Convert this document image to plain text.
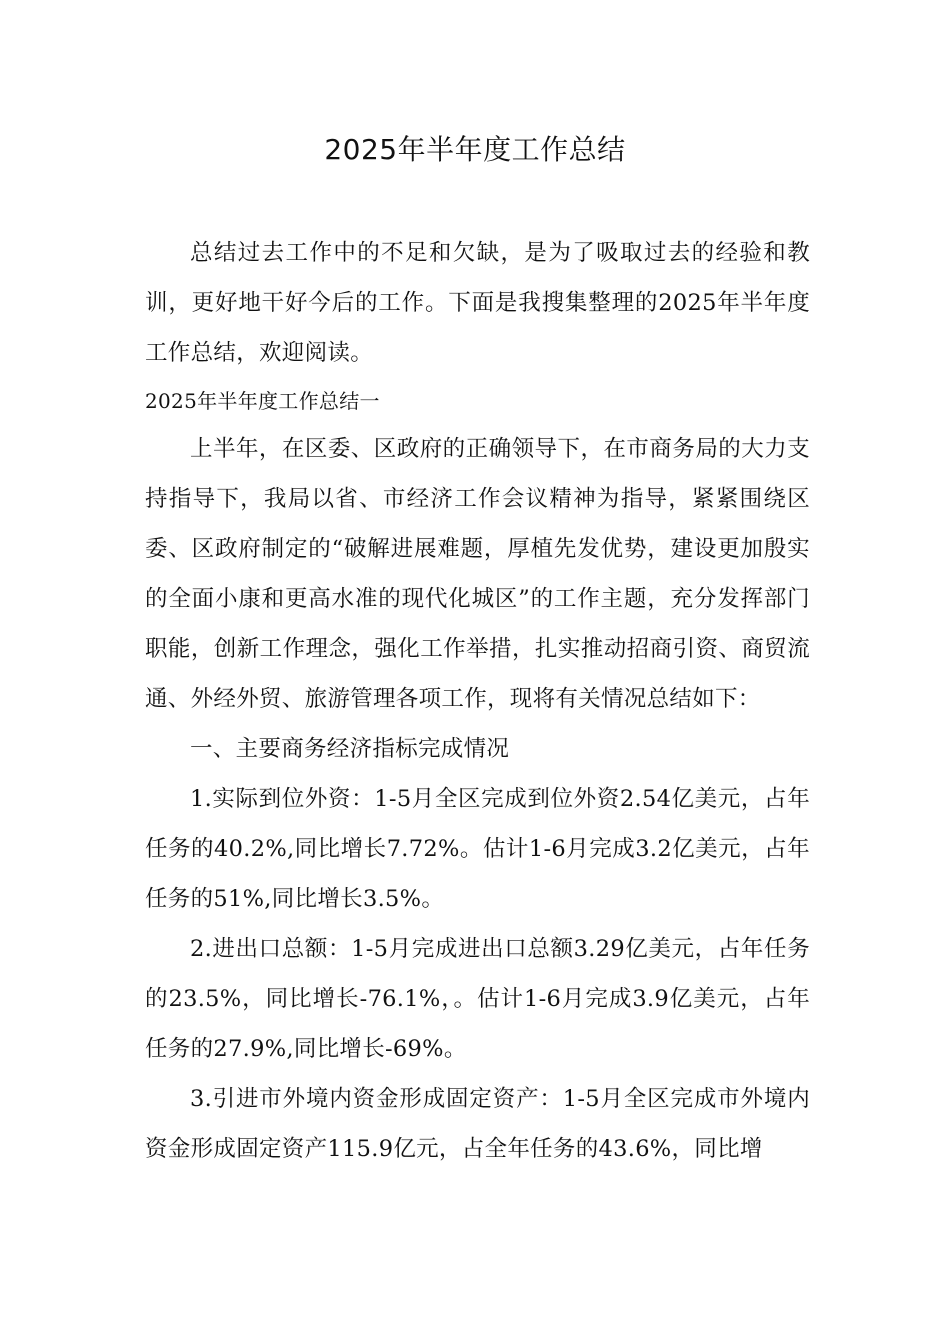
2025年半年度工作总结

总结过去工作中的不足和欠缺，是为了吸取过去的经验和教训，更好地干好今后的工作。下面是我搜集整理的2025年半年度工作总结，欢迎阅读。

2025年半年度工作总结一

上半年，在区委、区政府的正确领导下，在市商务局的大力支持指导下，我局以省、市经济工作会议精神为指导，紧紧围绕区委、区政府制定的“破解进展难题，厚植先发优势，建设更加殷实的全面小康和更高水准的现代化城区”的工作主题，充分发挥部门职能，创新工作理念，强化工作举措，扎实推动招商引资、商贸流通、外经外贸、旅游管理各项工作，现将有关情况总结如下：

一、主要商务经济指标完成情况

1.实际到位外资：1-5月全区完成到位外资2.54亿美元，占年任务的40.2%,同比增长7.72%。估计1-6月完成3.2亿美元，占年任务的51%,同比增长3.5%。

2.进出口总额：1-5月完成进出口总额3.29亿美元，占年任务的23.5%，同比增长-76.1%，。估计1-6月完成3.9亿美元，占年任务的27.9%,同比增长-69%。

3.引进市外境内资金形成固定资产：1-5月全区完成市外境内资金形成固定资产115.9亿元，占全年任务的43.6%，同比增
